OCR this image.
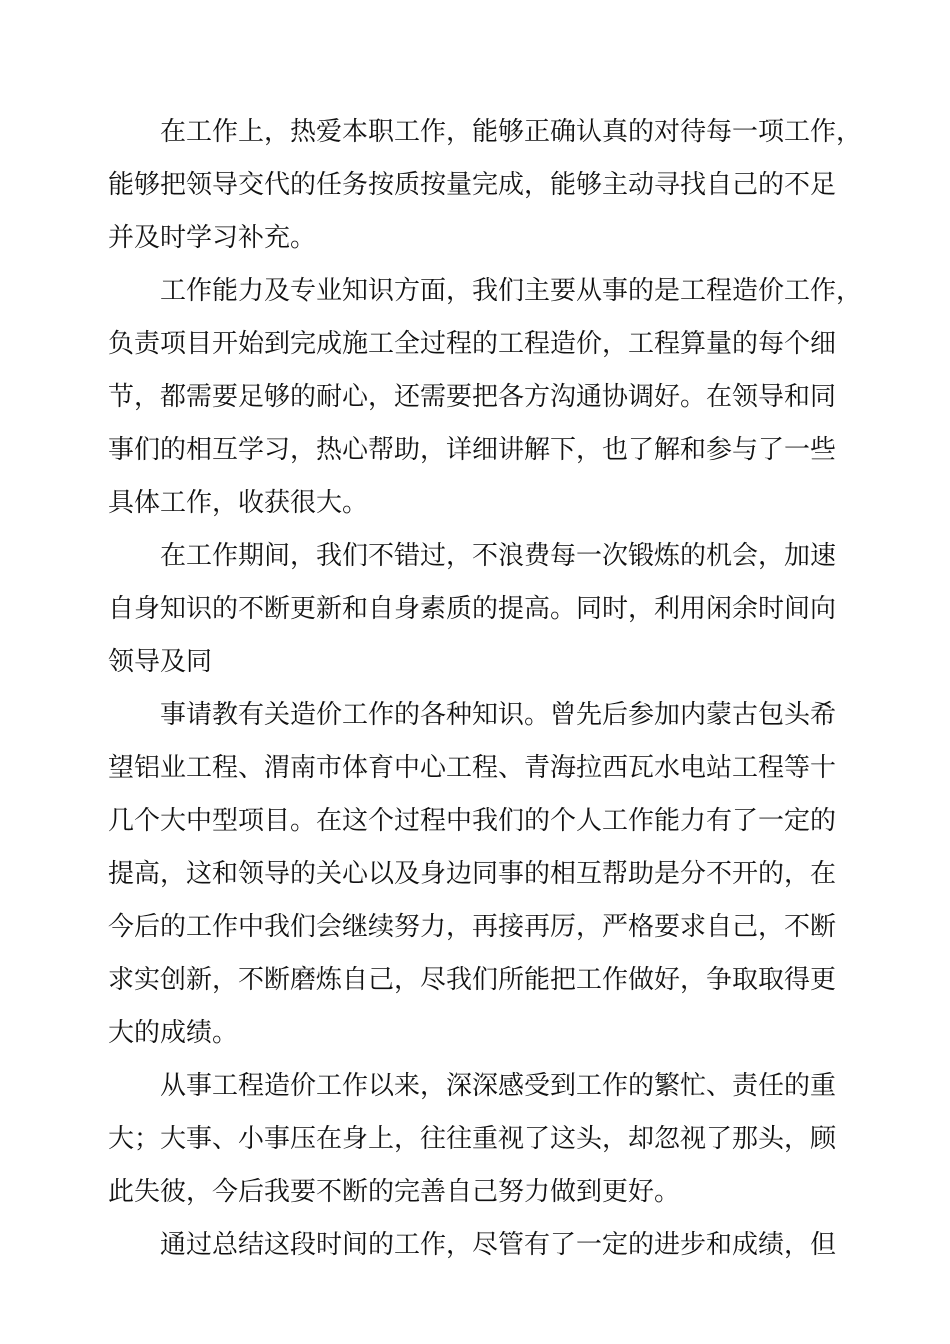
在工作上，热爱本职工作，能够正确认真的对待每一项工作，
能够把领导交代的任务按质按量完成，能够主动寻找自己的不足
并及时学习补充。
工作能力及专业知识方面，我们主要从事的是工程造价工作，
负责项目开始到完成施工全过程的工程造价，工程算量的每个细
节，都需要足够的耐心，还需要把各方沟通协调好。在领导和同
事们的相互学习，热心帮助，详细讲解下，也了解和参与了一些
具体工作，收获很大。
在工作期间，我们不错过，不浪费每一次锻炼的机会，加速
自身知识的不断更新和自身素质的提高。同时，利用闲余时间向
领导及同
事请教有关造价工作的各种知识。曾先后参加内蒙古包头希
望铝业工程、渭南市体育中心工程、青海拉西瓦水电站工程等十
几个大中型项目。在这个过程中我们的个人工作能力有了一定的
提高，这和领导的关心以及身边同事的相互帮助是分不开的，在
今后的工作中我们会继续努力，再接再厉，严格要求自己，不断
求实创新，不断磨炼自己，尽我们所能把工作做好，争取取得更
大的成绩。
从事工程造价工作以来，深深感受到工作的繁忙、责任的重
大；大事、小事压在身上，往往重视了这头，却忽视了那头，顾
此失彼，今后我要不断的完善自己努力做到更好。
通过总结这段时间的工作，尽管有了一定的进步和成绩，但
